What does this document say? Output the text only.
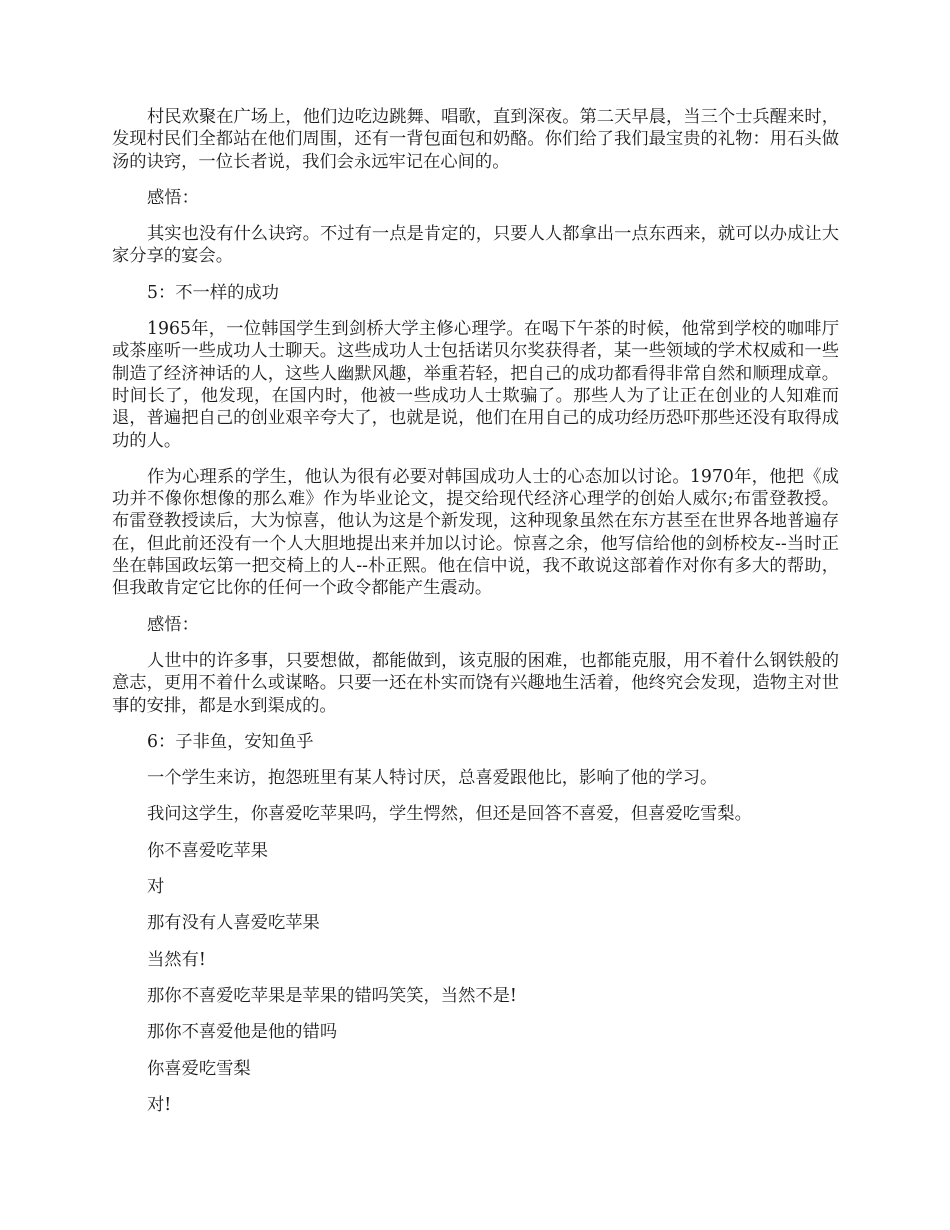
村民欢聚在广场上，他们边吃边跳舞、唱歌，直到深夜。第二天早晨，当三个士兵醒来时，发现村民们全都站在他们周围，还有一背包面包和奶酪。你们给了我们最宝贵的礼物：用石头做汤的诀窍，一位长者说，我们会永远牢记在心间的。

感悟：

其实也没有什么诀窍。不过有一点是肯定的，只要人人都拿出一点东西来，就可以办成让大家分享的宴会。

5：不一样的成功

1965年，一位韩国学生到剑桥大学主修心理学。在喝下午茶的时候，他常到学校的咖啡厅或茶座听一些成功人士聊天。这些成功人士包括诺贝尔奖获得者，某一些领域的学术权威和一些制造了经济神话的人，这些人幽默风趣，举重若轻，把自己的成功都看得非常自然和顺理成章。时间长了，他发现，在国内时，他被一些成功人士欺骗了。那些人为了让正在创业的人知难而退，普遍把自己的创业艰辛夸大了，也就是说，他们在用自己的成功经历恐吓那些还没有取得成功的人。

作为心理系的学生，他认为很有必要对韩国成功人士的心态加以讨论。1970年，他把《成功并不像你想像的那么难》作为毕业论文，提交给现代经济心理学的创始人威尔;布雷登教授。布雷登教授读后，大为惊喜，他认为这是个新发现，这种现象虽然在东方甚至在世界各地普遍存在，但此前还没有一个人大胆地提出来并加以讨论。惊喜之余，他写信给他的剑桥校友--当时正坐在韩国政坛第一把交椅上的人--朴正熙。他在信中说，我不敢说这部着作对你有多大的帮助，但我敢肯定它比你的任何一个政令都能产生震动。

感悟：

人世中的许多事，只要想做，都能做到，该克服的困难，也都能克服，用不着什么钢铁般的意志，更用不着什么或谋略。只要一还在朴实而饶有兴趣地生活着，他终究会发现，造物主对世事的安排，都是水到渠成的。

6：子非鱼，安知鱼乎

一个学生来访，抱怨班里有某人特讨厌，总喜爱跟他比，影响了他的学习。

我问这学生，你喜爱吃苹果吗，学生愕然，但还是回答不喜爱，但喜爱吃雪梨。

你不喜爱吃苹果

对

那有没有人喜爱吃苹果

当然有!

那你不喜爱吃苹果是苹果的错吗笑笑，当然不是!

那你不喜爱他是他的错吗

你喜爱吃雪梨

对!
